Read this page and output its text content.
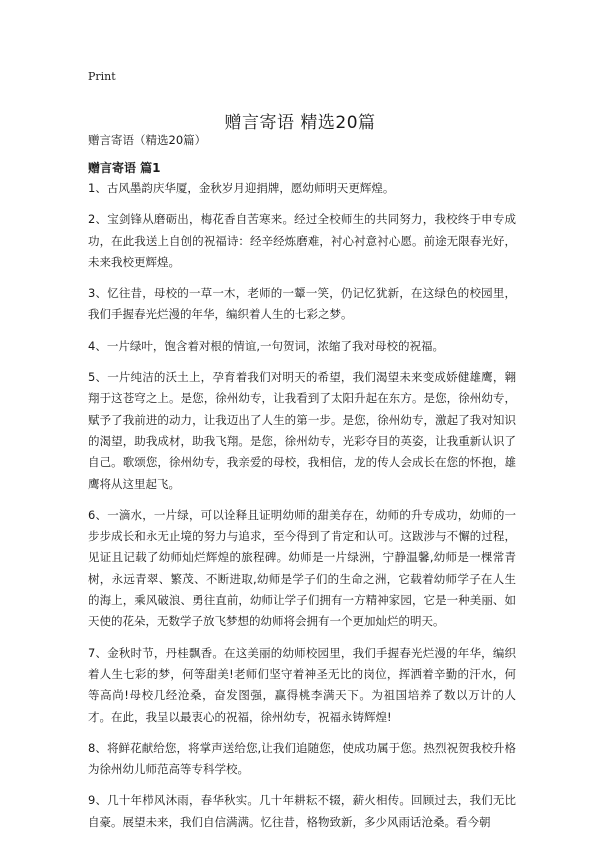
Print
赠言寄语 精选20篇
赠言寄语（精选20篇）
赠言寄语 篇1

1、古风墨韵庆华厦，金秋岁月迎捐牌，愿幼师明天更辉煌。

2、宝剑锋从磨砺出，梅花香自苦寒来。经过全校师生的共同努力，我校终于申专成功，在此我送上自创的祝福诗：经辛经炼磨难，衬心衬意衬心愿。前途无限春光好，未来我校更辉煌。

3、忆往昔，母校的一草一木，老师的一颦一笑，仍记忆犹新，在这绿色的校园里，我们手握春光烂漫的年华，编织着人生的七彩之梦。

4、一片绿叶，饱含着对根的情谊,一句贺词，浓缩了我对母校的祝福。

5、一片纯洁的沃土上，孕育着我们对明天的希望，我们渴望未来变成娇健雄鹰，翱翔于这苍穹之上。是您，徐州幼专，让我看到了太阳升起在东方。是您，徐州幼专，赋予了我前进的动力，让我迈出了人生的第一步。是您，徐州幼专，激起了我对知识的渴望，助我成材，助我飞翔。是您，徐州幼专，光彩夺目的英姿，让我重新认识了自己。歌颂您，徐州幼专，我亲爱的母校，我相信，龙的传人会成长在您的怀抱，雄鹰将从这里起飞。

6、一滴水，一片绿，可以诠释且证明幼师的甜美存在，幼师的升专成功，幼师的一步步成长和永无止境的努力与追求，至今得到了肯定和认可。这跋涉与不懈的过程，见证且记载了幼师灿烂辉煌的旅程碑。幼师是一片绿洲，宁静温馨,幼师是一棵常青树，永远青翠、繁茂、不断进取,幼师是学子们的生命之洲，它载着幼师学子在人生的海上，乘风破浪、勇往直前，幼师让学子们拥有一方精神家园，它是一种美丽、如天使的花朵，无数学子放飞梦想的幼师将会拥有一个更加灿烂的明天。

7、金秋时节，丹桂飘香。在这美丽的幼师校园里，我们手握春光烂漫的年华，编织着人生七彩的梦，何等甜美!老师们坚守着神圣无比的岗位，挥洒着辛勤的汗水，何等高尚!母校几经沧桑，奋发图强，赢得桃李满天下。为祖国培养了数以万计的人才。在此，我呈以最衷心的祝福，徐州幼专，祝福永铸辉煌!

8、将鲜花献给您，将掌声送给您,让我们追随您，使成功属于您。热烈祝贺我校升格为徐州幼儿师范高等专科学校。

9、几十年栉风沐雨，春华秋实。几十年耕耘不辍，薪火相传。回顾过去，我们无比自豪。展望未来，我们自信满满。忆往昔，格物致新，多少风雨话沧桑。看今朝
